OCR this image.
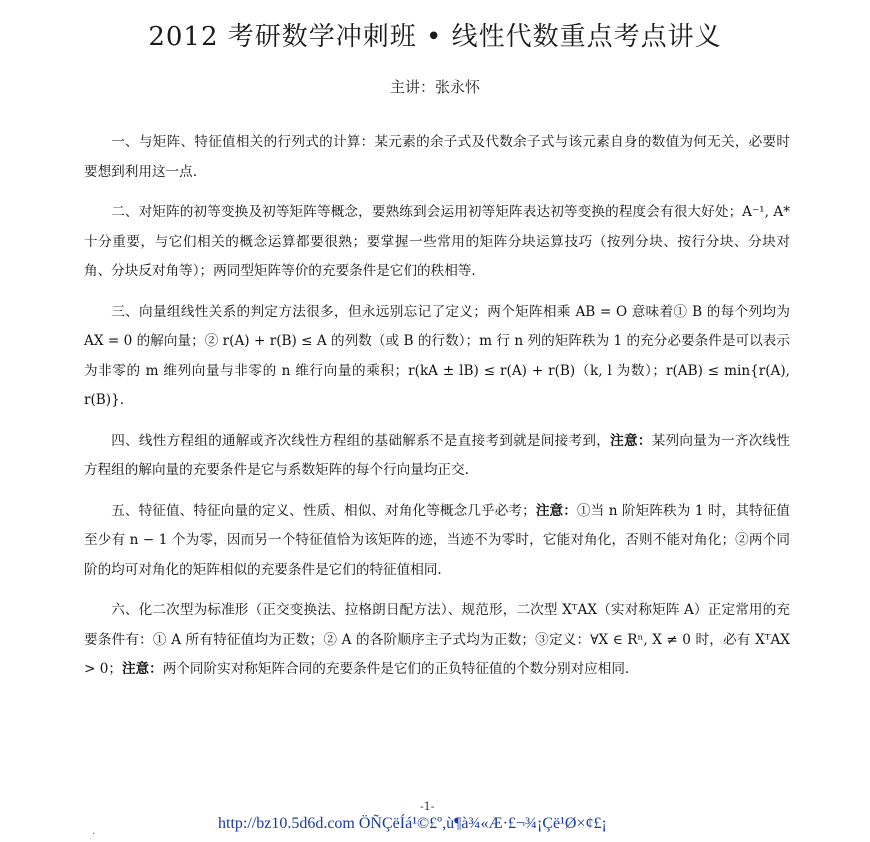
2012 考研数学冲刺班 • 线性代数重点考点讲义
主讲：张永怀

一、与矩阵、特征值相关的行列式的计算：某元素的余子式及代数余子式与该元素自身的数值为何无关，必要时要想到利用这一点.

二、对矩阵的初等变换及初等矩阵等概念，要熟练到会运用初等矩阵表达初等变换的程度会有很大好处；A⁻¹, A* 十分重要，与它们相关的概念运算都要很熟；要掌握一些常用的矩阵分块运算技巧（按列分块、按行分块、分块对角、分块反对角等）；两同型矩阵等价的充要条件是它们的秩相等.

三、向量组线性关系的判定方法很多，但永远别忘记了定义；两个矩阵相乘 AB = O 意味着① B 的每个列均为 AX = 0 的解向量；② r(A) + r(B) ≤ A 的列数（或 B 的行数）；m 行 n 列的矩阵秩为 1 的充分必要条件是可以表示为非零的 m 维列向量与非零的 n 维行向量的乘积；r(kA ± lB) ≤ r(A) + r(B)（k, l 为数）；r(AB) ≤ min{r(A), r(B)}.

四、线性方程组的通解或齐次线性方程组的基础解系不是直接考到就是间接考到，注意：某列向量为一齐次线性方程组的解向量的充要条件是它与系数矩阵的每个行向量均正交.

五、特征值、特征向量的定义、性质、相似、对角化等概念几乎必考；注意：①当 n 阶矩阵秩为 1 时，其特征值至少有 n − 1 个为零，因而另一个特征值恰为该矩阵的迹，当迹不为零时，它能对角化，否则不能对角化；②两个同阶的均可对角化的矩阵相似的充要条件是它们的特征值相同.

六、化二次型为标准形（正交变换法、拉格朗日配方法）、规范形，二次型 XᵀAX（实对称矩阵 A）正定常用的充要条件有：① A 所有特征值均为正数；② A 的各阶顺序主子式均为正数；③定义：∀X ∈ Rⁿ, X ≠ 0 时，必有 XᵀAX > 0；注意：两个同阶实对称矩阵合同的充要条件是它们的正负特征值的个数分别对应相同.

-1-
.	http://bz10.5d6d.com ÖÑÇëÍá¹©£º,ù¶à¾«Æ·£¬¾¡Çë¹Ø×¢£¡
